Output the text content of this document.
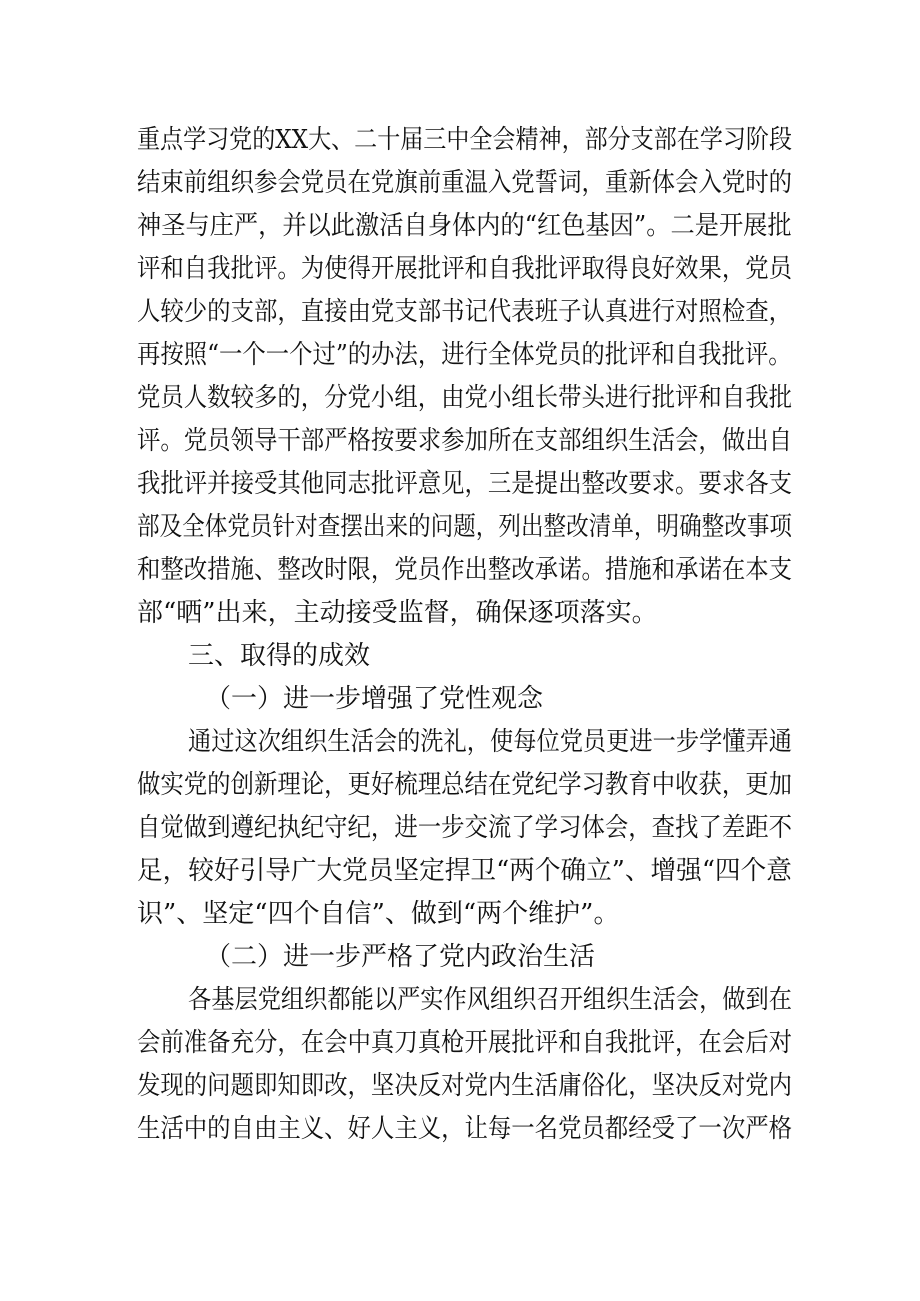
重点学习党的XX大、二十届三中全会精神，部分支部在学习阶段
结束前组织参会党员在党旗前重温入党誓词，重新体会入党时的
神圣与庄严，并以此激活自身体内的“红色基因”。二是开展批
评和自我批评。为使得开展批评和自我批评取得良好效果，党员
人较少的支部，直接由党支部书记代表班子认真进行对照检查，
再按照“一个一个过”的办法，进行全体党员的批评和自我批评。
党员人数较多的，分党小组，由党小组长带头进行批评和自我批
评。党员领导干部严格按要求参加所在支部组织生活会，做出自
我批评并接受其他同志批评意见，三是提出整改要求。要求各支
部及全体党员针对查摆出来的问题，列出整改清单，明确整改事项
和整改措施、整改时限，党员作出整改承诺。措施和承诺在本支
部“晒”出来，主动接受监督，确保逐项落实。
三、取得的成效
（一）进一步增强了党性观念
通过这次组织生活会的洗礼，使每位党员更进一步学懂弄通
做实党的创新理论，更好梳理总结在党纪学习教育中收获，更加
自觉做到遵纪执纪守纪，进一步交流了学习体会，查找了差距不
足，较好引导广大党员坚定捍卫“两个确立”、增强“四个意
识”、坚定“四个自信”、做到“两个维护”。
（二）进一步严格了党内政治生活
各基层党组织都能以严实作风组织召开组织生活会，做到在
会前准备充分，在会中真刀真枪开展批评和自我批评，在会后对
发现的问题即知即改，坚决反对党内生活庸俗化，坚决反对党内
生活中的自由主义、好人主义，让每一名党员都经受了一次严格
